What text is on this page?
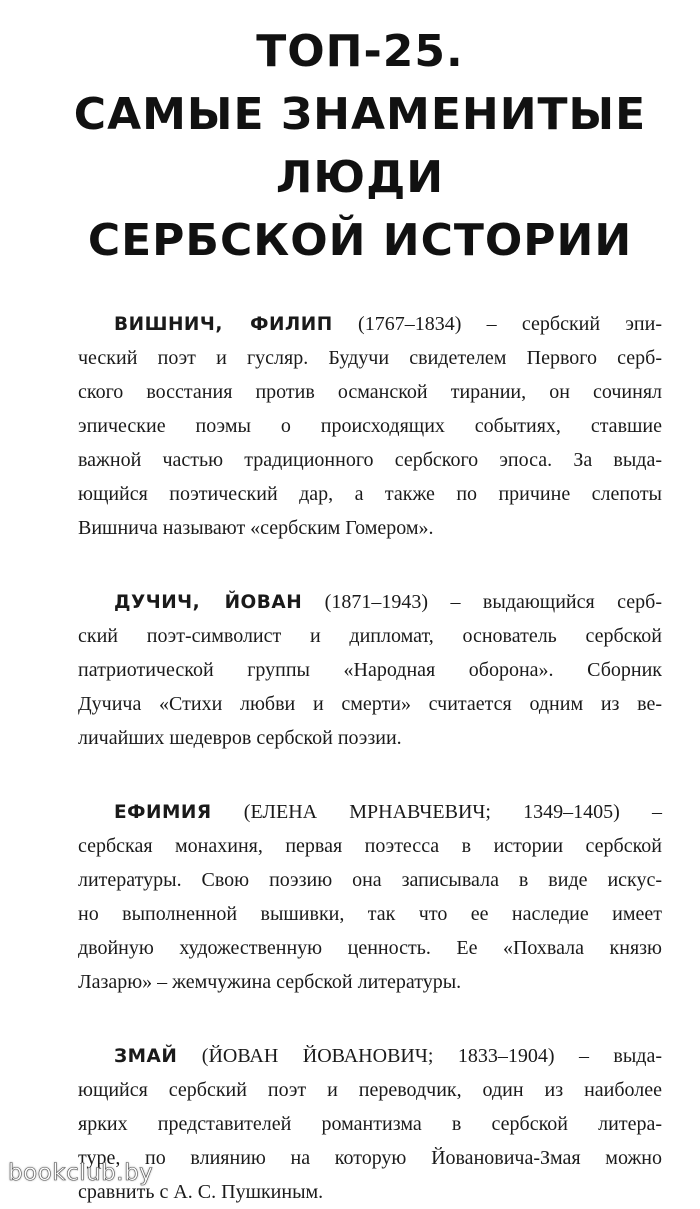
ТОП-25.
САМЫЕ ЗНАМЕНИТЫЕ
ЛЮДИ
СЕРБСКОЙ ИСТОРИИ

ВИШНИЧ, ФИЛИП (1767–1834) – сербский эпи-
ческий поэт и гусляр. Будучи свидетелем Первого серб-
ского восстания против османской тирании, он сочинял
эпические поэмы о происходящих событиях, ставшие
важной частью традиционного сербского эпоса. За выда-
ющийся поэтический дар, а также по причине слепоты
Вишнича называют «сербским Гомером».

ДУЧИЧ, ЙОВАН (1871–1943) – выдающийся серб-
ский поэт-символист и дипломат, основатель сербской
патриотической группы «Народная оборона». Сборник
Дучича «Стихи любви и смерти» считается одним из ве-
личайших шедевров сербской поэзии.

ЕФИМИЯ (ЕЛЕНА МРНАВЧЕВИЧ; 1349–1405) –
сербская монахиня, первая поэтесса в истории сербской
литературы. Свою поэзию она записывала в виде искус-
но выполненной вышивки, так что ее наследие имеет
двойную художественную ценность. Ее «Похвала князю
Лазарю» – жемчужина сербской литературы.

ЗМАЙ (ЙОВАН ЙОВАНОВИЧ; 1833–1904) – выда-
ющийся сербский поэт и переводчик, один из наиболее
ярких представителей романтизма в сербской литера-
туре, по влиянию на которую Йовановича-Змая можно
сравнить с А. С. Пушкиным.

bookclub.by
